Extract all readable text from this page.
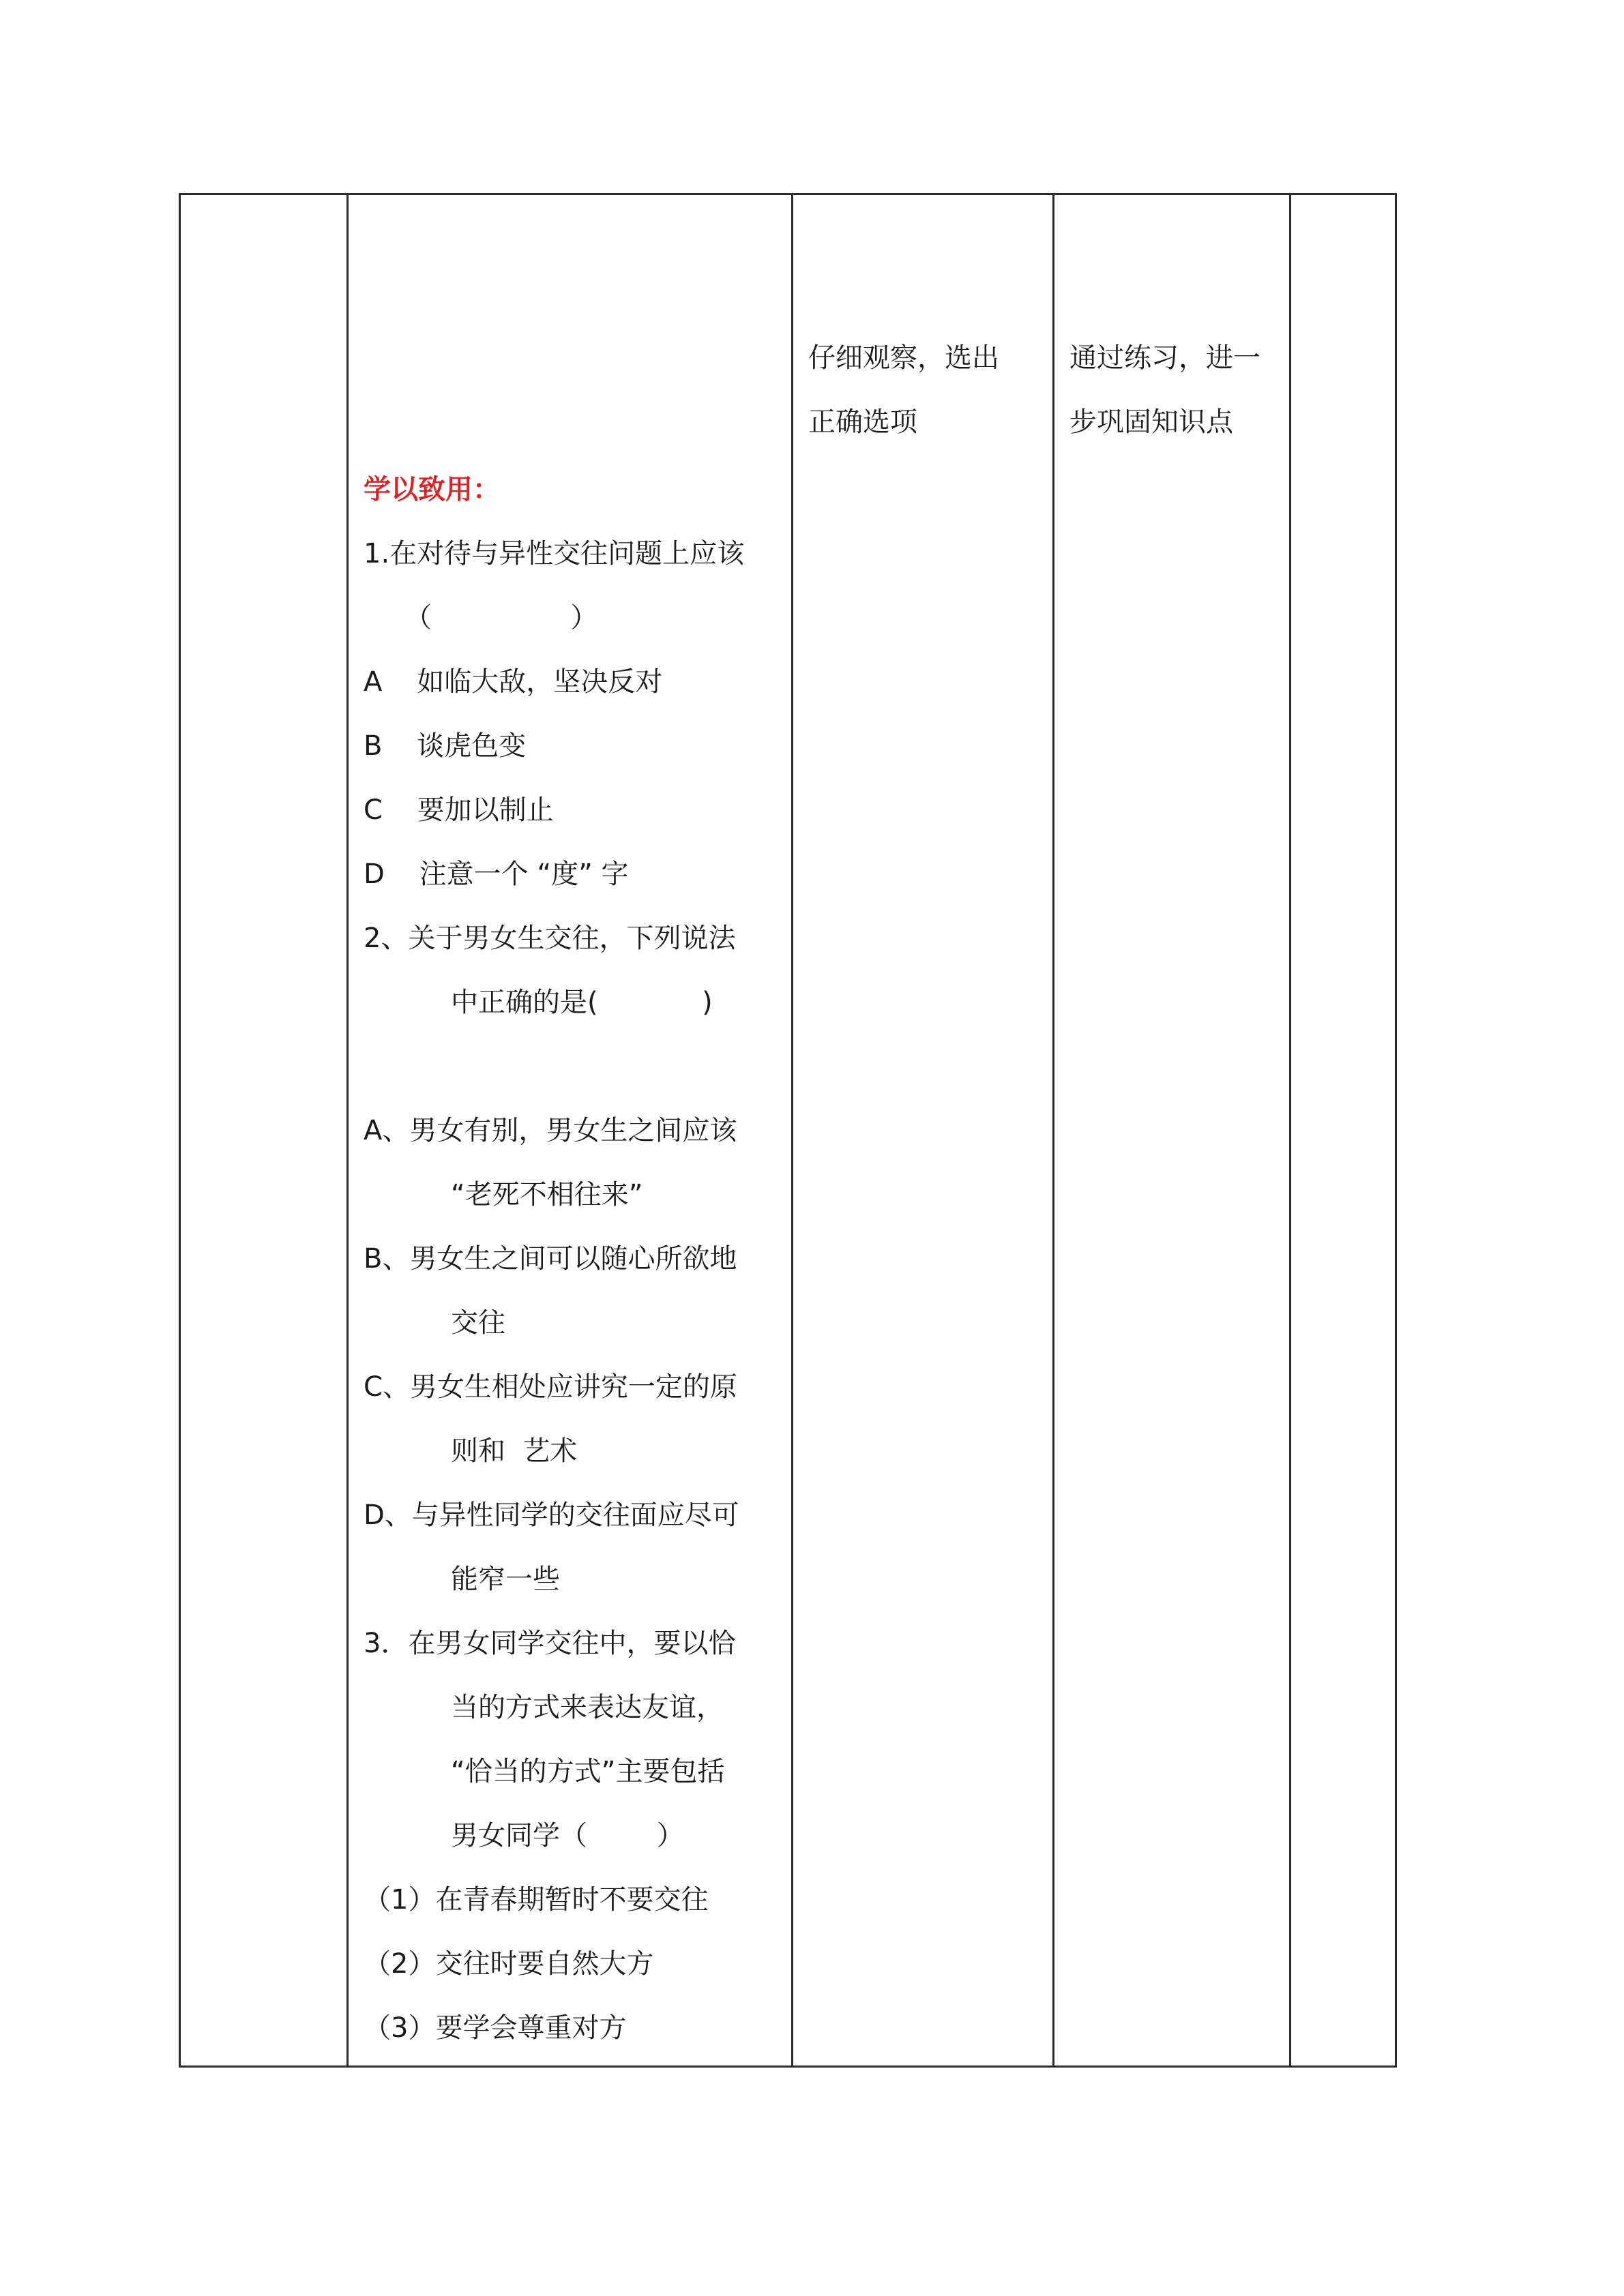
学以致用：
1.在对待与异性交往问题上应该
（                ）
A    如临大敌，坚决反对
B    谈虎色变
C    要加以制止
D    注意一个 “度” 字
2、关于男女生交往，下列说法
中正确的是(            )
A、男女有别，男女生之间应该
“老死不相往来”
B、男女生之间可以随心所欲地
交往
C、男女生相处应讲究一定的原
则和  艺术
D、与异性同学的交往面应尽可
能窄一些
3．在男女同学交往中，要以恰
当的方式来表达友谊，
“恰当的方式”主要包括
男女同学（        ）
（1）在青春期暂时不要交往
（2）交往时要自然大方
（3）要学会尊重对方

仔细观察，选出
正确选项

通过练习，进一
步巩固知识点
